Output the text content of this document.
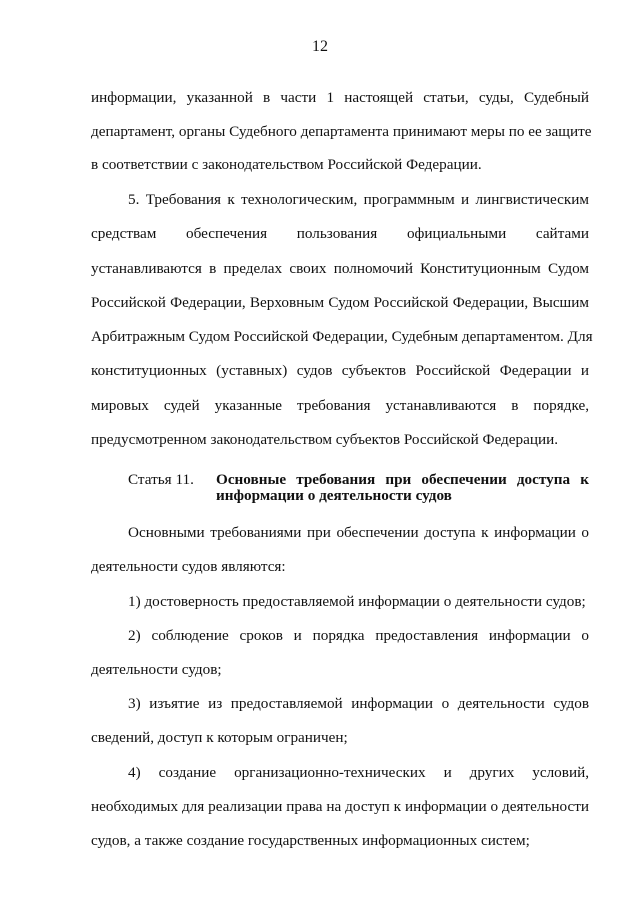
12
информации, указанной в части 1 настоящей статьи, суды, Судебный
департамент, органы Судебного департамента принимают меры по ее защите
в соответствии с законодательством Российской Федерации.
5. Требования к технологическим, программным и лингвистическим
средствам обеспечения пользования официальными сайтами
устанавливаются в пределах своих полномочий Конституционным Судом
Российской Федерации, Верховным Судом Российской Федерации, Высшим
Арбитражным Судом Российской Федерации, Судебным департаментом. Для
конституционных (уставных) судов субъектов Российской Федерации и
мировых судей указанные требования устанавливаются в порядке,
предусмотренном законодательством субъектов Российской Федерации.
Статья 11. Основные требования при обеспечении доступа к
информации о деятельности судов
Основными требованиями при обеспечении доступа к информации о
деятельности судов являются:
1) достоверность предоставляемой информации о деятельности судов;
2) соблюдение сроков и порядка предоставления информации о
деятельности судов;
3) изъятие из предоставляемой информации о деятельности судов
сведений, доступ к которым ограничен;
4) создание организационно-технических и других условий,
необходимых для реализации права на доступ к информации о деятельности
судов, а также создание государственных информационных систем;
